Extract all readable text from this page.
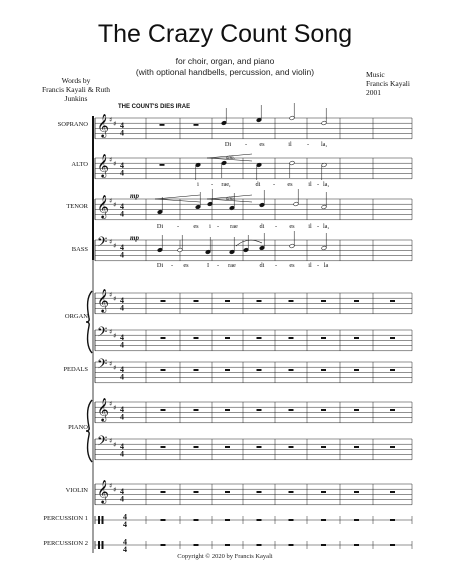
The Crazy Count Song
for choir, organ, and piano
(with optional handbells, percussion, and violin)
Words by
Francis Kayali & Ruth Junkins
Music
Francis Kayali
2001
𝄞 ♯ ♯ 4
4
𝄞 ♯ ♯ 4
4
𝄞 ♯ ♯ 4
4
𝄢 ♯ ♯ 4
4
𝄞 ♯ ♯ 4
4
𝄢 ♯ ♯ 4
4
𝄢 ♯ ♯ 4
4
𝄞 ♯ ♯ 4
4
𝄢 ♯ ♯ 4
4
𝄞 ♯ ♯ 4
4
4
4
4
4
THE COUNT'S DIES IRAE
SOPRANO
ALTO
TENOR
BASS
ORGAN
PEDALS
PIANO
VIOLIN
PERCUSSION 1
PERCUSSION 2
Di - es	il - la,
i - rae,	di - es il - la,
Di - es i - rae	di - es il - la,
Di - es	I - rae	di - es il - la
mp
mp
sim.
sim.
Copyright © 2020 by Francis Kayali
